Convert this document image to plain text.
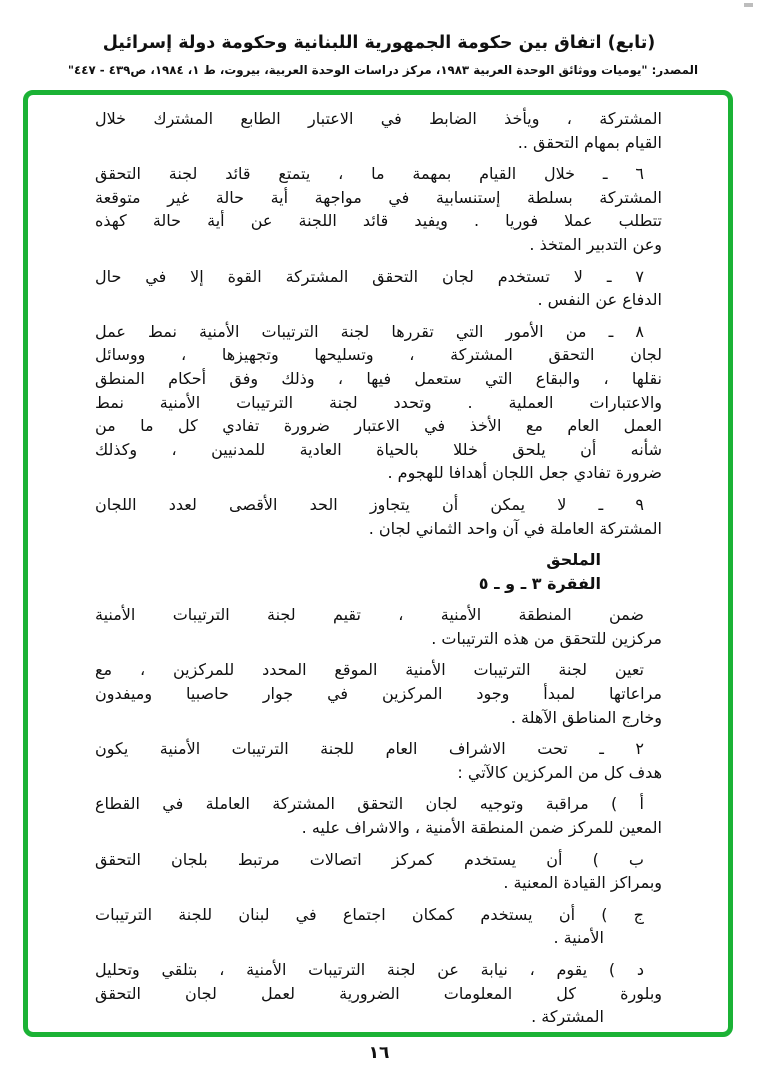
(تابع) اتفاق بين حكومة الجمهورية اللبنانية وحكومة دولة إسرائيل
المصدر: "يوميات ووثائق الوحدة العربية ١٩٨٣، مركز دراسات الوحدة العربية، بيروت، ط ١، ١٩٨٤، ص٤٣٩ - ٤٤٧"
المشتركة ، ويأخذ الضابط في الاعتبار الطابع المشترك خلال
القيام بمهام التحقق ..
٦ ـ خلال القيام بمهمة ما ، يتمتع قائد لجنة التحقق
المشتركة بسلطة إستنسابية في مواجهة أية حالة غير متوقعة
تتطلب عملا فوريا . ويفيد قائد اللجنة عن أية حالة كهذه
وعن التدبير المتخذ .
٧ ـ لا تستخدم لجان التحقق المشتركة القوة إلا في حال
الدفاع عن النفس .
٨ ـ من الأمور التي تقررها لجنة الترتيبات الأمنية نمط عمل
لجان التحقق المشتركة ، وتسليحها وتجهيزها ، ووسائل
نقلها ، والبقاع التي ستعمل فيها ، وذلك وفق أحكام المنطق
والاعتبارات العملية . وتحدد لجنة الترتيبات الأمنية نمط
العمل العام مع الأخذ في الاعتبار ضرورة تفادي كل ما من
شأنه أن يلحق خللا بالحياة العادية للمدنيين ، وكذلك
ضرورة تفادي جعل اللجان أهدافا للهجوم .
٩ ـ لا يمكن أن يتجاوز الحد الأقصى لعدد اللجان
المشتركة العاملة في آن واحد الثماني لجان .
الملحق
الفقرة ٣ ـ و ـ ٥
ضمن المنطقة الأمنية ، تقيم لجنة الترتيبات الأمنية
مركزين للتحقق من هذه الترتيبات .
تعين لجنة الترتيبات الأمنية الموقع المحدد للمركزين ، مع
مراعاتها لمبدأ وجود المركزين في جوار حاصبيا وميفدون
وخارج المناطق الآهلة .
٢ ـ تحت الاشراف العام للجنة الترتيبات الأمنية يكون
هدف كل من المركزين كالآتي :
أ ) مراقبة وتوجيه لجان التحقق المشتركة العاملة في القطاع
المعين للمركز ضمن المنطقة الأمنية ، والاشراف عليه .
ب ) أن يستخدم كمركز اتصالات مرتبط بلجان التحقق
وبمراكز القيادة المعنية .
ج ) أن يستخدم كمكان اجتماع في لبنان للجنة الترتيبات
الأمنية .
د ) يقوم ، نيابة عن لجنة الترتيبات الأمنية ، بتلقي وتحليل
وبلورة كل المعلومات الضرورية لعمل لجان التحقق
المشتركة .
١٦
